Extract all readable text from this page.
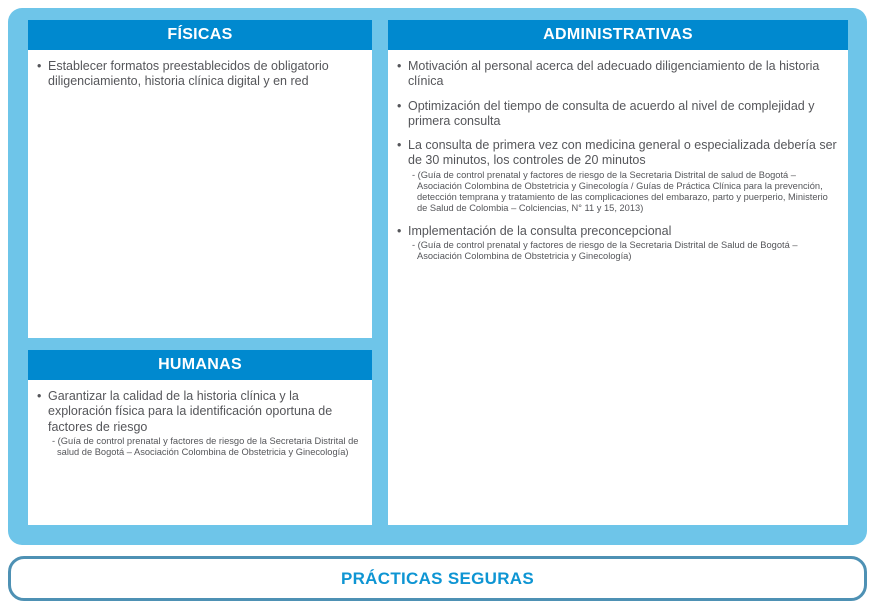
FÍSICAS
•
Establecer formatos preestablecidos de obligatorio diligenciamiento, historia clínica digital y en red
HUMANAS
•
Garantizar la calidad de la historia clínica y la exploración física para la identificación oportuna de factores de riesgo
- (Guía de control prenatal y factores de riesgo de la Secretaria Distrital de salud de Bogotá – Asociación Colombina de Obstetricia y Ginecología)
ADMINISTRATIVAS
•
Motivación al personal acerca del adecuado diligenciamiento de la historia clínica
•
Optimización del tiempo de consulta de acuerdo al nivel de complejidad y primera consulta
•
La consulta de primera vez con medicina general o especializada debería ser de 30 minutos, los controles de 20 minutos
- (Guía de control prenatal y factores de riesgo de la Secretaria Distrital de salud de Bogotá – Asociación Colombina de Obstetricia y Ginecología / Guías de Práctica Clínica para la prevención, detección temprana y tratamiento de las complicaciones del embarazo, parto y puerperio, Ministerio de Salud de Colombia – Colciencias, N° 11 y 15, 2013)
•
Implementación de la consulta preconcepcional
- (Guía de control prenatal y factores de riesgo de la Secretaria Distrital de Salud de Bogotá – Asociación Colombina de Obstetricia y Ginecología)
PRÁCTICAS SEGURAS
